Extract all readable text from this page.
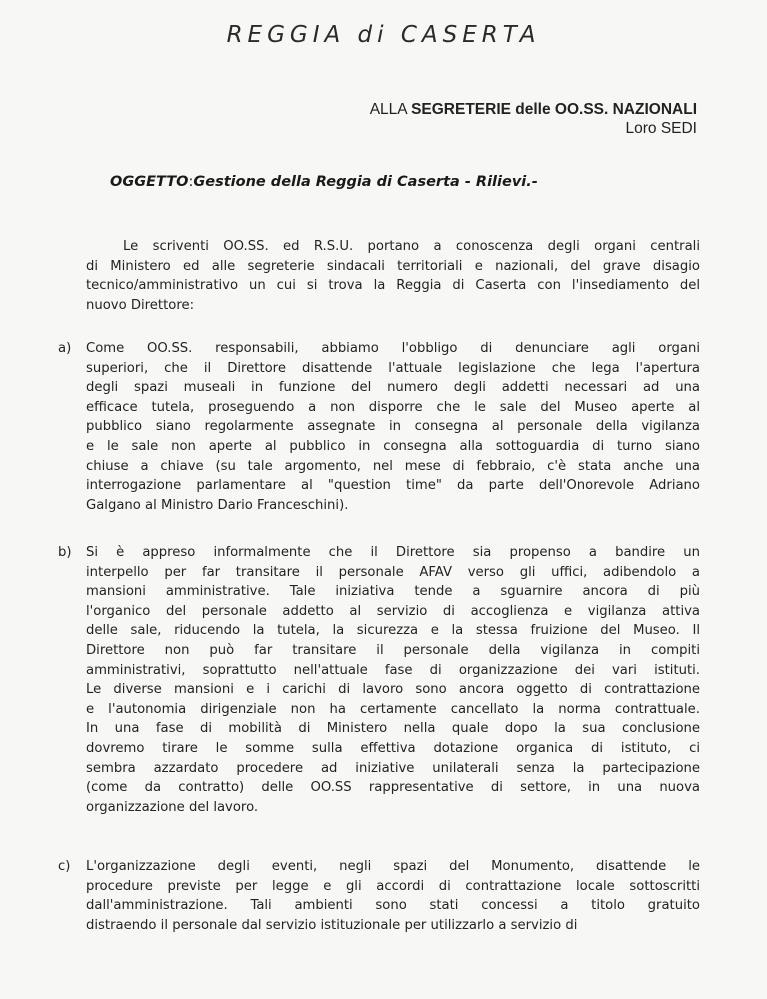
REGGIA di CASERTA
ALLA SEGRETERIE delle OO.SS. NAZIONALI
Loro SEDI
OGGETTO:Gestione della Reggia di Caserta - Rilievi.-
Le scriventi OO.SS. ed R.S.U. portano a conoscenza degli organi centrali
di Ministero ed alle segreterie sindacali territoriali e nazionali, del grave disagio
tecnico/amministrativo un cui si trova la Reggia di Caserta con l'insediamento del
nuovo Direttore:
a) Come OO.SS. responsabili, abbiamo l'obbligo di denunciare agli organi
superiori, che il Direttore disattende l'attuale legislazione che lega l'apertura
degli spazi museali in funzione del numero degli addetti necessari ad una
efficace tutela, proseguendo a non disporre che le sale del Museo aperte al
pubblico siano regolarmente assegnate in consegna al personale della vigilanza
e le sale non aperte al pubblico in consegna alla sottoguardia di turno siano
chiuse a chiave (su tale argomento, nel mese di febbraio, c'è stata anche una
interrogazione parlamentare al "question time" da parte dell'Onorevole Adriano
Galgano al Ministro Dario Franceschini).
b) Si è appreso informalmente che il Direttore sia propenso a bandire un
interpello per far transitare il personale AFAV verso gli uffici, adibendolo a
mansioni amministrative. Tale iniziativa tende a sguarnire ancora di più
l'organico del personale addetto al servizio di accoglienza e vigilanza attiva
delle sale, riducendo la tutela, la sicurezza e la stessa fruizione del Museo. Il
Direttore non può far transitare il personale della vigilanza in compiti
amministrativi, soprattutto nell'attuale fase di organizzazione dei vari istituti.
Le diverse mansioni e i carichi di lavoro sono ancora oggetto di contrattazione
e l'autonomia dirigenziale non ha certamente cancellato la norma contrattuale.
In una fase di mobilità di Ministero nella quale dopo la sua conclusione
dovremo tirare le somme sulla effettiva dotazione organica di istituto, ci
sembra azzardato procedere ad iniziative unilaterali senza la partecipazione
(come da contratto) delle OO.SS rappresentative di settore, in una nuova
organizzazione del lavoro.
c) L'organizzazione degli eventi, negli spazi del Monumento, disattende le
procedure previste per legge e gli accordi di contrattazione locale sottoscritti
dall'amministrazione. Tali ambienti sono stati concessi a titolo gratuito
distraendo il personale dal servizio istituzionale per utilizzarlo a servizio di
